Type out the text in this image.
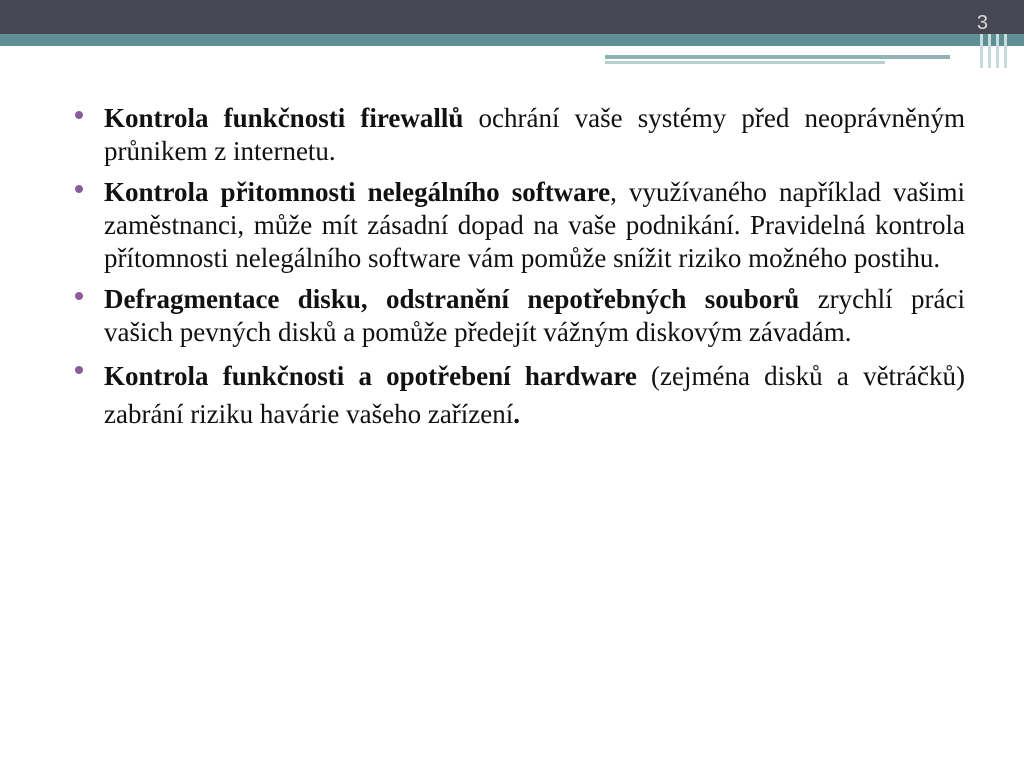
3
Kontrola funkčnosti firewallů ochrání vaše systémy před neoprávněným průnikem z internetu.
Kontrola přitomnosti nelegálního software, využívaného například vašimi zaměstnanci, může mít zásadní dopad na vaše podnikání. Pravidelná kontrola přítomnosti nelegálního software vám pomůže snížit riziko možného postihu.
Defragmentace disku, odstranění nepotřebných souborů zrychlí práci vašich pevných disků a pomůže předejít vážným diskovým závadám.
Kontrola funkčnosti a opotřebení hardware (zejména disků a větráčků) zabrání riziku havárie vašeho zařízení.
